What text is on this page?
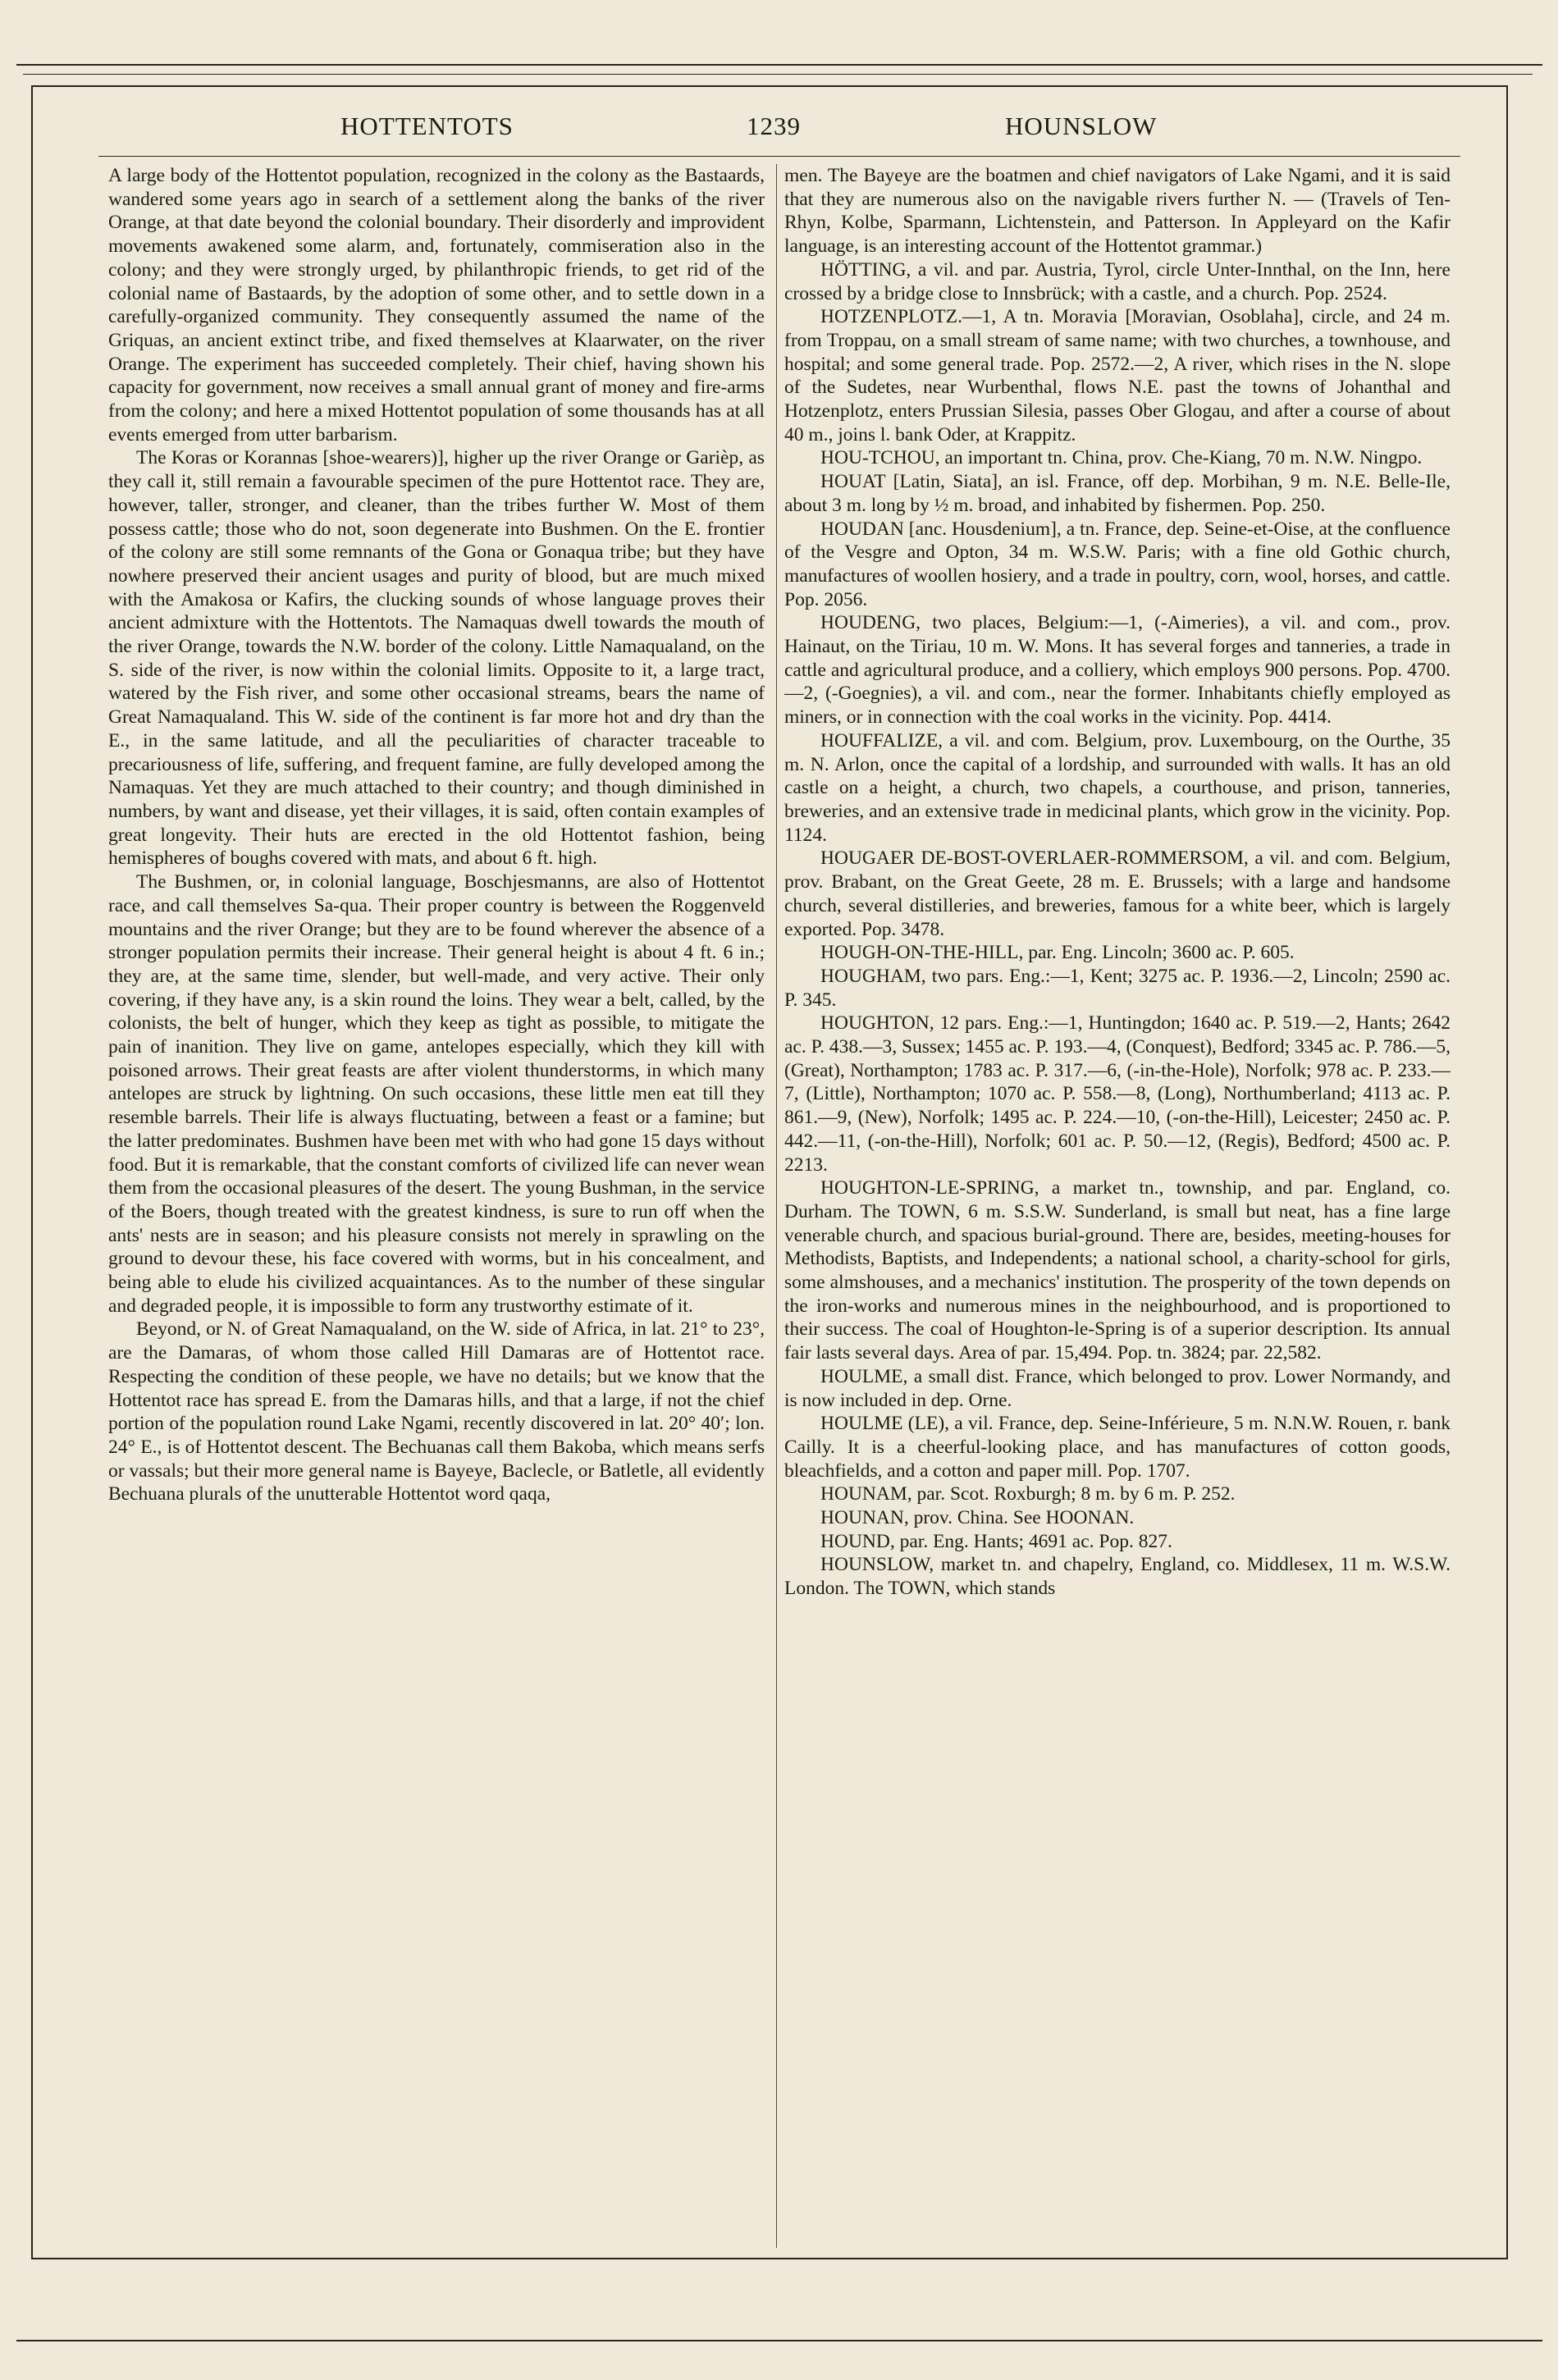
HOTTENTOTS	1239	HOUNSLOW

A large body of the Hottentot population, recognized in the colony as the Bastaards, wandered some years ago in search of a settlement along the banks of the river Orange, at that date beyond the colonial boundary. Their disorderly and improvident movements awakened some alarm, and, fortunately, commiseration also in the colony; and they were strongly urged, by philanthropic friends, to get rid of the colonial name of Bastaards, by the adoption of some other, and to settle down in a carefully-organized community. They consequently assumed the name of the Griquas, an ancient extinct tribe, and fixed themselves at Klaarwater, on the river Orange. The experiment has succeeded completely. Their chief, having shown his capacity for government, now receives a small annual grant of money and fire-arms from the colony; and here a mixed Hottentot population of some thousands has at all events emerged from utter barbarism.

The Koras or Korannas [shoe-wearers)], higher up the river Orange or Garièp, as they call it, still remain a favourable specimen of the pure Hottentot race. They are, however, taller, stronger, and cleaner, than the tribes further W. Most of them possess cattle; those who do not, soon degenerate into Bushmen. On the E. frontier of the colony are still some remnants of the Gona or Gonaqua tribe; but they have nowhere preserved their ancient usages and purity of blood, but are much mixed with the Amakosa or Kafirs, the clucking sounds of whose language proves their ancient admixture with the Hottentots. The Namaquas dwell towards the mouth of the river Orange, towards the N.W. border of the colony. Little Namaqualand, on the S. side of the river, is now within the colonial limits. Opposite to it, a large tract, watered by the Fish river, and some other occasional streams, bears the name of Great Namaqualand. This W. side of the continent is far more hot and dry than the E., in the same latitude, and all the peculiarities of character traceable to precariousness of life, suffering, and frequent famine, are fully developed among the Namaquas. Yet they are much attached to their country; and though diminished in numbers, by want and disease, yet their villages, it is said, often contain examples of great longevity. Their huts are erected in the old Hottentot fashion, being hemispheres of boughs covered with mats, and about 6 ft. high.

The Bushmen, or, in colonial language, Boschjesmanns, are also of Hottentot race, and call themselves Sa-qua. Their proper country is between the Roggenveld mountains and the river Orange; but they are to be found wherever the absence of a stronger population permits their increase. Their general height is about 4 ft. 6 in.; they are, at the same time, slender, but well-made, and very active. Their only covering, if they have any, is a skin round the loins. They wear a belt, called, by the colonists, the belt of hunger, which they keep as tight as possible, to mitigate the pain of inanition. They live on game, antelopes especially, which they kill with poisoned arrows. Their great feasts are after violent thunderstorms, in which many antelopes are struck by lightning. On such occasions, these little men eat till they resemble barrels. Their life is always fluctuating, between a feast or a famine; but the latter predominates. Bushmen have been met with who had gone 15 days without food. But it is remarkable, that the constant comforts of civilized life can never wean them from the occasional pleasures of the desert. The young Bushman, in the service of the Boers, though treated with the greatest kindness, is sure to run off when the ants' nests are in season; and his pleasure consists not merely in sprawling on the ground to devour these, his face covered with worms, but in his concealment, and being able to elude his civilized acquaintances. As to the number of these singular and degraded people, it is impossible to form any trustworthy estimate of it.

Beyond, or N. of Great Namaqualand, on the W. side of Africa, in lat. 21° to 23°, are the Damaras, of whom those called Hill Damaras are of Hottentot race. Respecting the condition of these people, we have no details; but we know that the Hottentot race has spread E. from the Damaras hills, and that a large, if not the chief portion of the population round Lake Ngami, recently discovered in lat. 20° 40′; lon. 24° E., is of Hottentot descent. The Bechuanas call them Bakoba, which means serfs or vassals; but their more general name is Bayeye, Baclecle, or Batletle, all evidently Bechuana plurals of the unutterable Hottentot word qaqa,

men. The Bayeye are the boatmen and chief navigators of Lake Ngami, and it is said that they are numerous also on the navigable rivers further N. — (Travels of Ten-Rhyn, Kolbe, Sparmann, Lichtenstein, and Patterson. In Appleyard on the Kafir language, is an interesting account of the Hottentot grammar.)

HÖTTING, a vil. and par. Austria, Tyrol, circle Unter-Innthal, on the Inn, here crossed by a bridge close to Innsbrück; with a castle, and a church. Pop. 2524.

HOTZENPLOTZ.—1, A tn. Moravia [Moravian, Osoblaha], circle, and 24 m. from Troppau, on a small stream of same name; with two churches, a townhouse, and hospital; and some general trade. Pop. 2572.—2, A river, which rises in the N. slope of the Sudetes, near Wurbenthal, flows N.E. past the towns of Johanthal and Hotzenplotz, enters Prussian Silesia, passes Ober Glogau, and after a course of about 40 m., joins l. bank Oder, at Krappitz.

HOU-TCHOU, an important tn. China, prov. Che-Kiang, 70 m. N.W. Ningpo.

HOUAT [Latin, Siata], an isl. France, off dep. Morbihan, 9 m. N.E. Belle-Ile, about 3 m. long by ½ m. broad, and inhabited by fishermen. Pop. 250.

HOUDAN [anc. Housdenium], a tn. France, dep. Seine-et-Oise, at the confluence of the Vesgre and Opton, 34 m. W.S.W. Paris; with a fine old Gothic church, manufactures of woollen hosiery, and a trade in poultry, corn, wool, horses, and cattle. Pop. 2056.

HOUDENG, two places, Belgium:—1, (-Aimeries), a vil. and com., prov. Hainaut, on the Tiriau, 10 m. W. Mons. It has several forges and tanneries, a trade in cattle and agricultural produce, and a colliery, which employs 900 persons. Pop. 4700.—2, (-Goegnies), a vil. and com., near the former. Inhabitants chiefly employed as miners, or in connection with the coal works in the vicinity. Pop. 4414.

HOUFFALIZE, a vil. and com. Belgium, prov. Luxembourg, on the Ourthe, 35 m. N. Arlon, once the capital of a lordship, and surrounded with walls. It has an old castle on a height, a church, two chapels, a courthouse, and prison, tanneries, breweries, and an extensive trade in medicinal plants, which grow in the vicinity. Pop. 1124.

HOUGAER DE-BOST-OVERLAER-ROMMERSOM, a vil. and com. Belgium, prov. Brabant, on the Great Geete, 28 m. E. Brussels; with a large and handsome church, several distilleries, and breweries, famous for a white beer, which is largely exported. Pop. 3478.

HOUGH-ON-THE-HILL, par. Eng. Lincoln; 3600 ac. P. 605.

HOUGHAM, two pars. Eng.:—1, Kent; 3275 ac. P. 1936.—2, Lincoln; 2590 ac. P. 345.

HOUGHTON, 12 pars. Eng.:—1, Huntingdon; 1640 ac. P. 519.—2, Hants; 2642 ac. P. 438.—3, Sussex; 1455 ac. P. 193.—4, (Conquest), Bedford; 3345 ac. P. 786.—5, (Great), Northampton; 1783 ac. P. 317.—6, (-in-the-Hole), Norfolk; 978 ac. P. 233.—7, (Little), Northampton; 1070 ac. P. 558.—8, (Long), Northumberland; 4113 ac. P. 861.—9, (New), Norfolk; 1495 ac. P. 224.—10, (-on-the-Hill), Leicester; 2450 ac. P. 442.—11, (-on-the-Hill), Norfolk; 601 ac. P. 50.—12, (Regis), Bedford; 4500 ac. P. 2213.

HOUGHTON-LE-SPRING, a market tn., township, and par. England, co. Durham. The TOWN, 6 m. S.S.W. Sunderland, is small but neat, has a fine large venerable church, and spacious burial-ground. There are, besides, meeting-houses for Methodists, Baptists, and Independents; a national school, a charity-school for girls, some almshouses, and a mechanics' institution. The prosperity of the town depends on the iron-works and numerous mines in the neighbourhood, and is proportioned to their success. The coal of Houghton-le-Spring is of a superior description. Its annual fair lasts several days. Area of par. 15,494. Pop. tn. 3824; par. 22,582.

HOULME, a small dist. France, which belonged to prov. Lower Normandy, and is now included in dep. Orne.

HOULME (LE), a vil. France, dep. Seine-Inférieure, 5 m. N.N.W. Rouen, r. bank Cailly. It is a cheerful-looking place, and has manufactures of cotton goods, bleachfields, and a cotton and paper mill. Pop. 1707.

HOUNAM, par. Scot. Roxburgh; 8 m. by 6 m. P. 252.

HOUNAN, prov. China. See HOONAN.

HOUND, par. Eng. Hants; 4691 ac. Pop. 827.

HOUNSLOW, market tn. and chapelry, England, co. Middlesex, 11 m. W.S.W. London. The TOWN, which stands
